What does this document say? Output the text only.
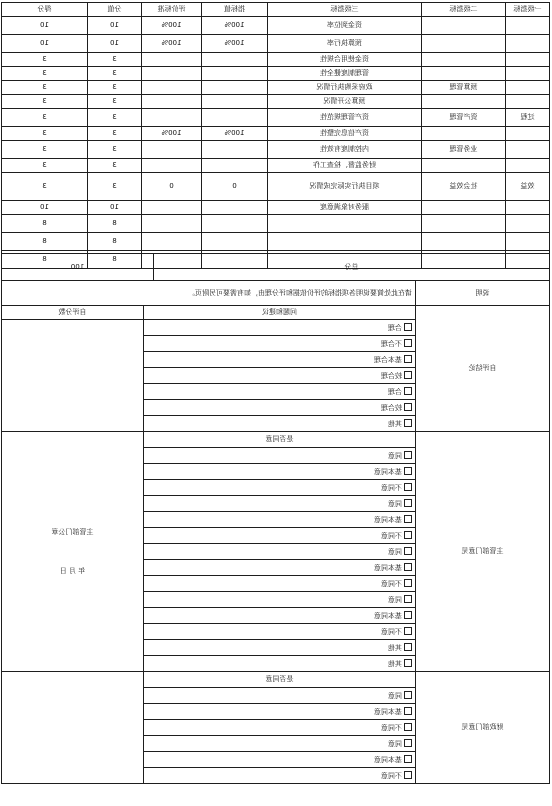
一级指标	二级指标	三级指标	指标值	评价标准	分值	得分
		资金到位率	100%	100%	10	10
		预算执行率	100%	100%	10	10
		资金使用合规性			3	3
		管理制度健全性			3	3
	预算管理	政府采购执行情况			3	3
		预算公开情况			3	3
过程	资产管理	资产管理规范性			3	3
		资产信息完整性	100%	100%	3	3
	业务管理	内控制度有效性			3	3
		财务监督、检查工作			3	3
效益	社会效益	项目执行实际完成情况	0	0	3	3
		服务对象满意度			10	10
					8	8
					8	8
					8	8
总分	100
说明	请在此处简要说明各项指标的评价依据和评分理由，如有需要可另附页。
自评结论	问题和建议	自评分数
	合理	
	不合理	
	基本合理	
	较合理	
	合理	
	较合理	
	其他	

主管部门意见	是否同意	主管部门公章
年 月 日

	同意	
	基本同意	
	不同意	
	同意	
	基本同意	
	不同意	
	同意	
	基本同意	
	不同意	
	同意	
	基本同意	
	不同意	
	其他	
	其他	
财政部门意见	是否同意	
	同意	
	基本同意	
	不同意	
	同意	
	基本同意	
	不同意	
